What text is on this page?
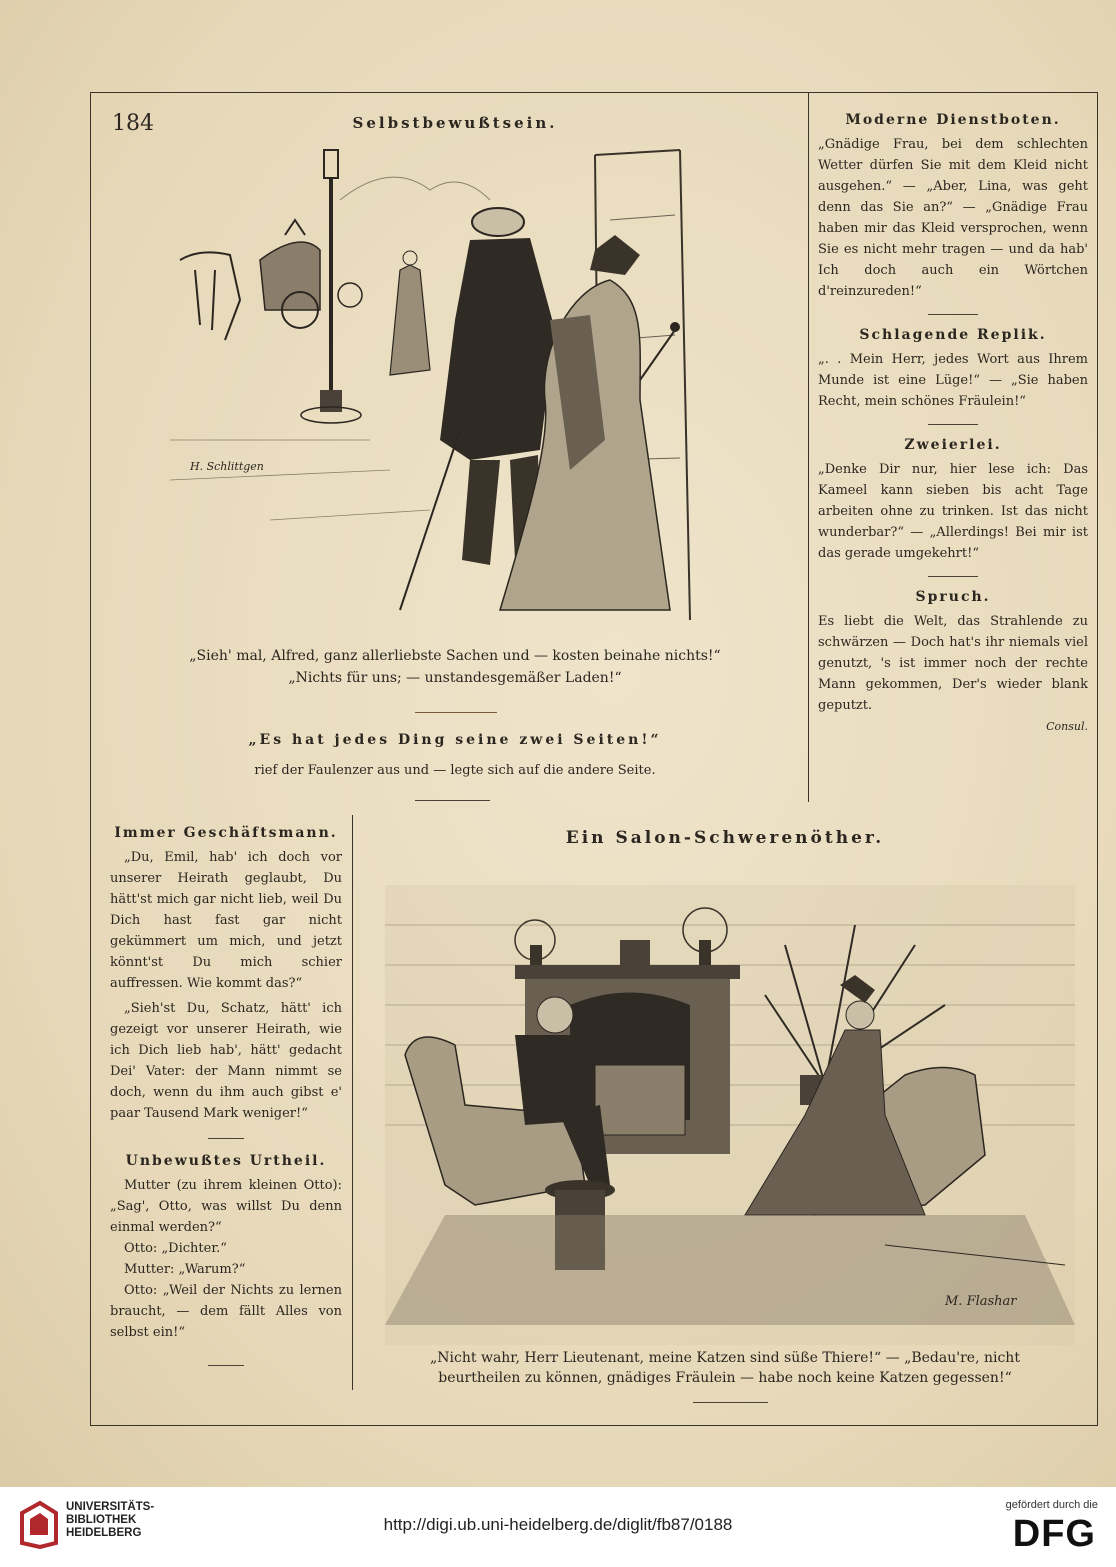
184	Selbstbewußtsein.
H. Schlittgen
„Sieh' mal, Alfred, ganz allerliebste Sachen und — kosten beinahe nichts!“
„Nichts für uns; — unstandesgemäßer Laden!“
„Es hat jedes Ding seine zwei Seiten!“
rief der Faulenzer aus und — legte sich auf die andere Seite.
Moderne Dienstboten.
„Gnädige Frau, bei dem schlechten Wetter dürfen Sie mit dem Kleid nicht ausgehen.“ — „Aber, Lina, was geht denn das Sie an?“ — „Gnädige Frau haben mir das Kleid versprochen, wenn Sie es nicht mehr tragen — und da hab' Ich doch auch ein Wörtchen d'reinzureden!“
Schlagende Replik.
„. . Mein Herr, jedes Wort aus Ihrem Munde ist eine Lüge!“ — „Sie haben Recht, mein schönes Fräulein!“
Zweierlei.
„Denke Dir nur, hier lese ich: Das Kameel kann sieben bis acht Tage arbeiten ohne zu trinken. Ist das nicht wunderbar?“ — „Allerdings! Bei mir ist das gerade umgekehrt!“
Spruch.
Es liebt die Welt, das Strahlende zu schwärzen — Doch hat's ihr niemals viel genutzt, 's ist immer noch der rechte Mann gekommen, Der's wieder blank geputzt.
Consul.
Immer Geschäftsmann.
„Du, Emil, hab' ich doch vor unserer Heirath geglaubt, Du hätt'st mich gar nicht lieb, weil Du Dich hast fast gar nicht gekümmert um mich, und jetzt könnt'st Du mich schier auffressen. Wie kommt das?“
„Sieh'st Du, Schatz, hätt' ich gezeigt vor unserer Heirath, wie ich Dich lieb hab', hätt' gedacht Dei' Vater: der Mann nimmt se doch, wenn du ihm auch gibst e' paar Tausend Mark weniger!“
Unbewußtes Urtheil.
Mutter (zu ihrem kleinen Otto): „Sag', Otto, was willst Du denn einmal werden?“
Otto: „Dichter.“
Mutter: „Warum?“
Otto: „Weil der Nichts zu lernen braucht, — dem fällt Alles von selbst ein!“
Ein Salon-Schwerenöther.
M. Flashar
„Nicht wahr, Herr Lieutenant, meine Katzen sind süße Thiere!“ — „Bedau're, nicht
beurtheilen zu können, gnädiges Fräulein — habe noch keine Katzen gegessen!“
UNIVERSITÄTS-
BIBLIOTHEK
HEIDELBERG	http://digi.ub.uni-heidelberg.de/diglit/fb87/0188
gefördert durch die
DFG
